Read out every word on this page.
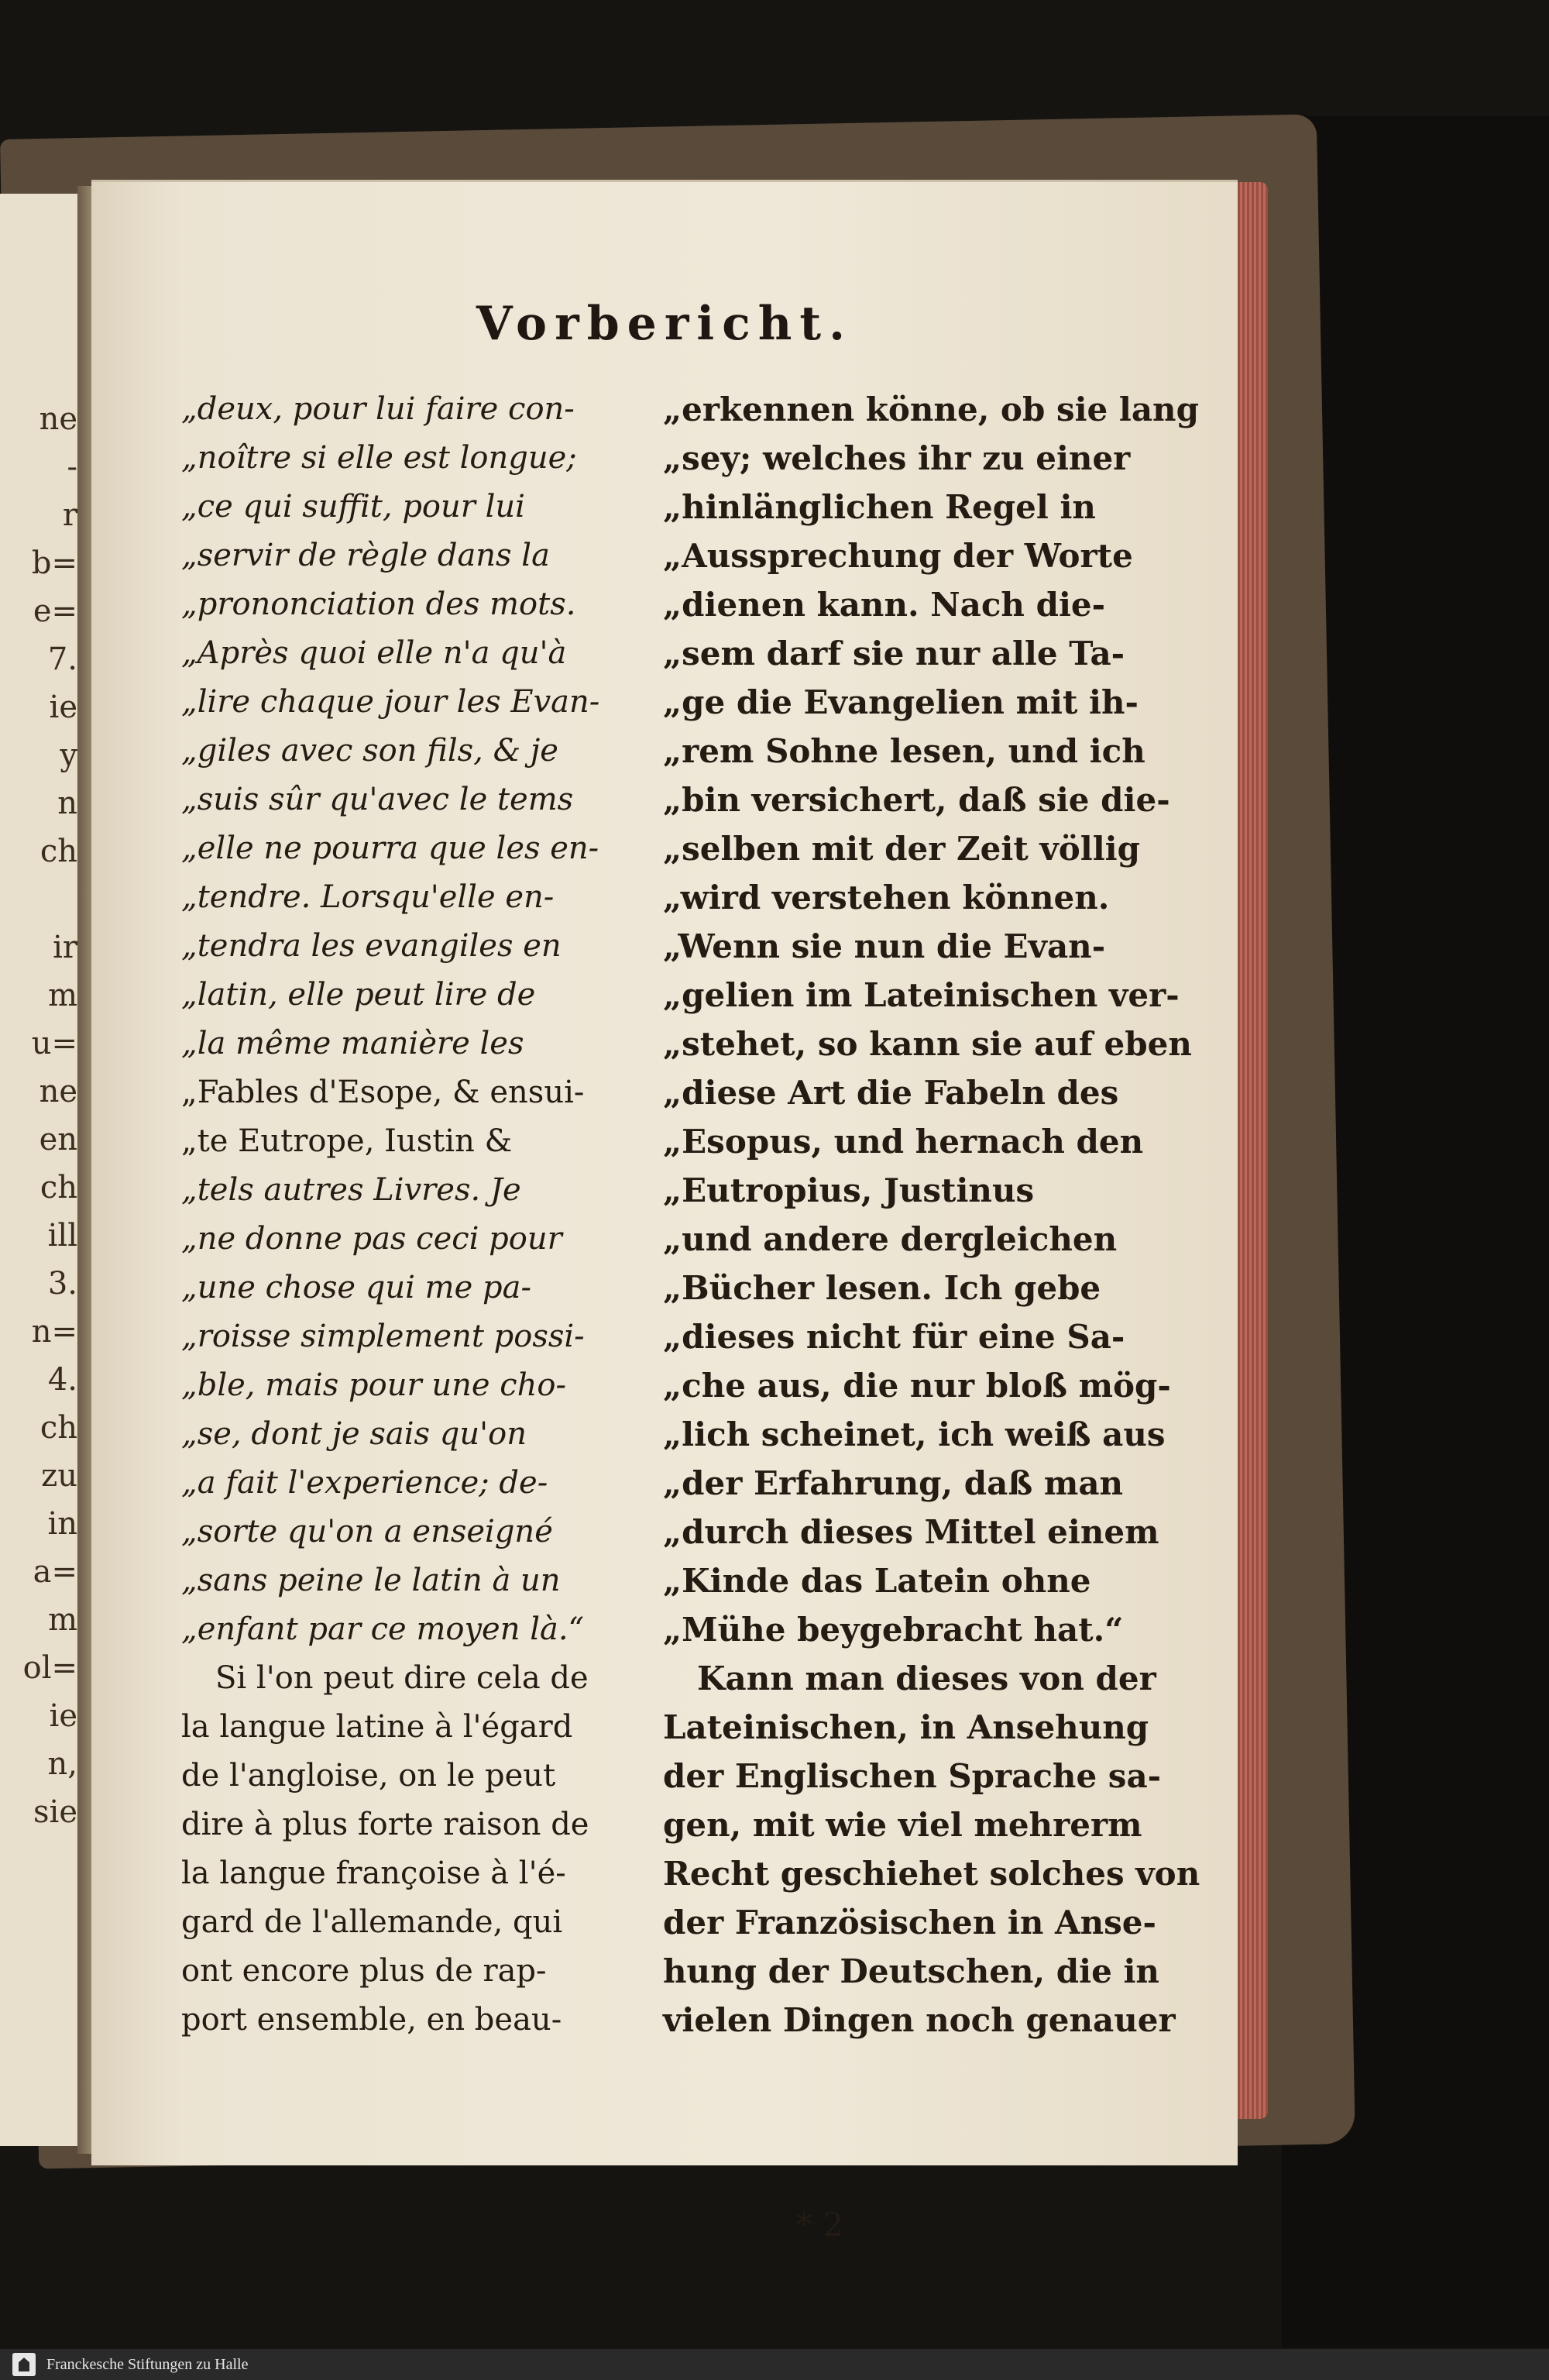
ne
-
r
b=
e=
7.
ie
y
n
ch

ir
m
u=
ne
en
ch
ill
3.
n=
4.
ch
zu
in
a=
m
ol=
ie
n,
sie
Vorbericht.
„deux, pour lui faire con-
„noître si elle est longue;
„ce qui suffit, pour lui
„servir de règle dans la
„prononciation des mots.
„Après quoi elle n'a qu'à
„lire chaque jour les Evan-
„giles avec son fils, & je
„suis sûr qu'avec le tems
„elle ne pourra que les en-
„tendre. Lorsqu'elle en-
„tendra les evangiles en
„latin, elle peut lire de
„la même manière les
„Fables d'Esope, & ensui-
„te Eutrope, Iustin &
„tels autres Livres. Je
„ne donne pas ceci pour
„une chose qui me pa-
„roisse simplement possi-
„ble, mais pour une cho-
„se, dont je sais qu'on
„a fait l'experience; de-
„sorte qu'on a enseigné
„sans peine le latin à un
„enfant par ce moyen là.“
Si l'on peut dire cela de
la langue latine à l'égard
de l'angloise, on le peut
dire à plus forte raison de
la langue françoise à l'é-
gard de l'allemande, qui
ont encore plus de rap-
port ensemble, en beau-
„erkennen könne, ob sie lang
„sey; welches ihr zu einer
„hinlänglichen Regel in
„Aussprechung der Worte
„dienen kann. Nach die-
„sem darf sie nur alle Ta-
„ge die Evangelien mit ih-
„rem Sohne lesen, und ich
„bin versichert, daß sie die-
„selben mit der Zeit völlig
„wird verstehen können.
„Wenn sie nun die Evan-
„gelien im Lateinischen ver-
„stehet, so kann sie auf eben
„diese Art die Fabeln des
„Esopus, und hernach den
„Eutropius, Justinus
„und andere dergleichen
„Bücher lesen. Ich gebe
„dieses nicht für eine Sa-
„che aus, die nur bloß mög-
„lich scheinet, ich weiß aus
„der Erfahrung, daß man
„durch dieses Mittel einem
„Kinde das Latein ohne
„Mühe beygebracht hat.“
Kann man dieses von der
Lateinischen, in Ansehung
der Englischen Sprache sa-
gen, mit wie viel mehrerm
Recht geschiehet solches von
der Französischen in Anse-
hung der Deutschen, die in
vielen Dingen noch genauer
* 2
Franckesche Stiftungen zu Halle
